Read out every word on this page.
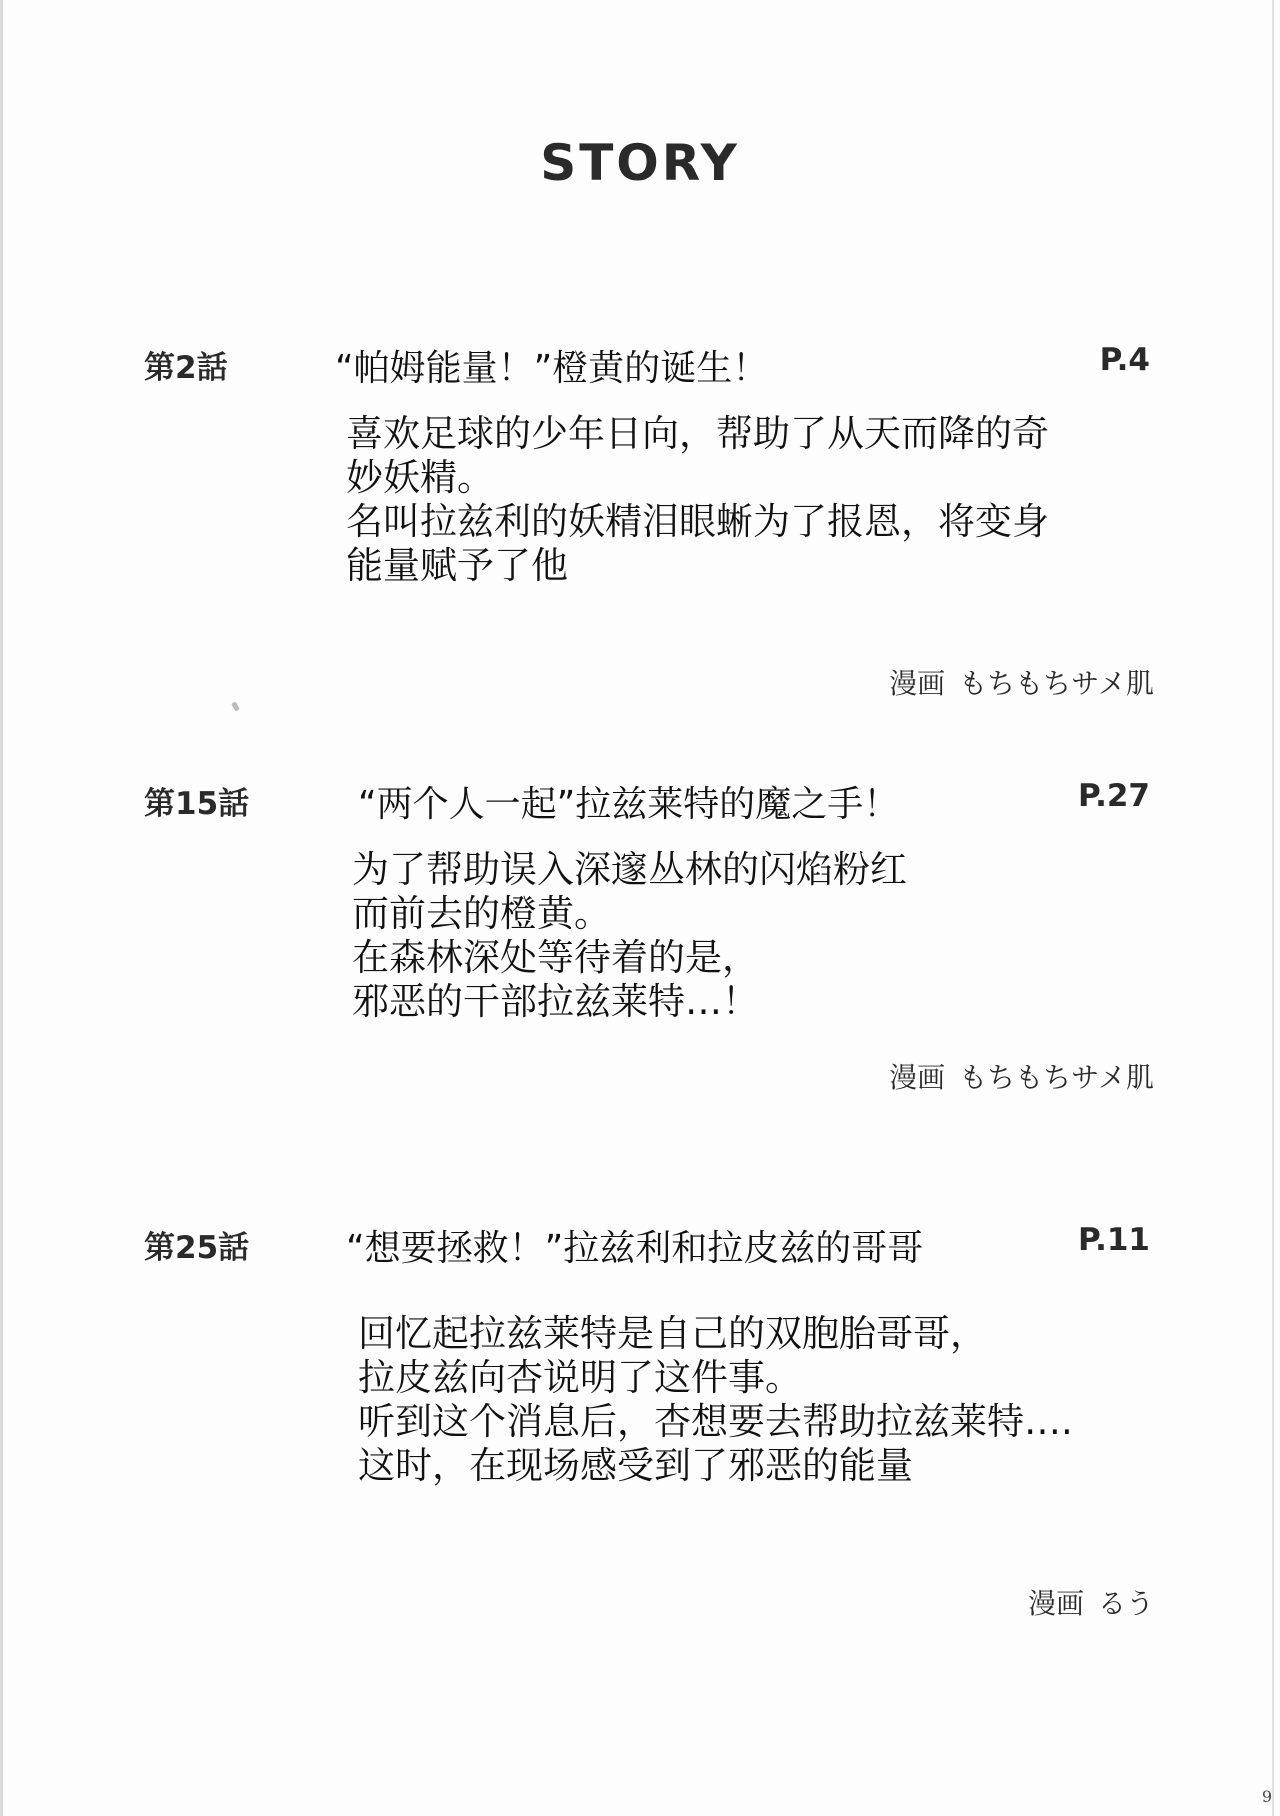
STORY
第2話	“帕姆能量！”橙黄的诞生！	P.4

喜欢足球的少年日向，帮助了从天而降的奇

妙妖精。

名叫拉兹利的妖精泪眼蜥为了报恩，将变身

能量赋予了他

漫画 もちもちサメ肌
第15話	“两个人一起”拉兹莱特的魔之手！	P.27

为了帮助误入深邃丛林的闪焰粉红

而前去的橙黄。

在森林深处等待着的是，

邪恶的干部拉兹莱特…！

漫画 もちもちサメ肌
第25話	“想要拯救！”拉兹利和拉皮兹的哥哥	P.11

回忆起拉兹莱特是自己的双胞胎哥哥，

拉皮兹向杏说明了这件事。

听到这个消息后，杏想要去帮助拉兹莱特….

这时，在现场感受到了邪恶的能量

漫画 るう
9
